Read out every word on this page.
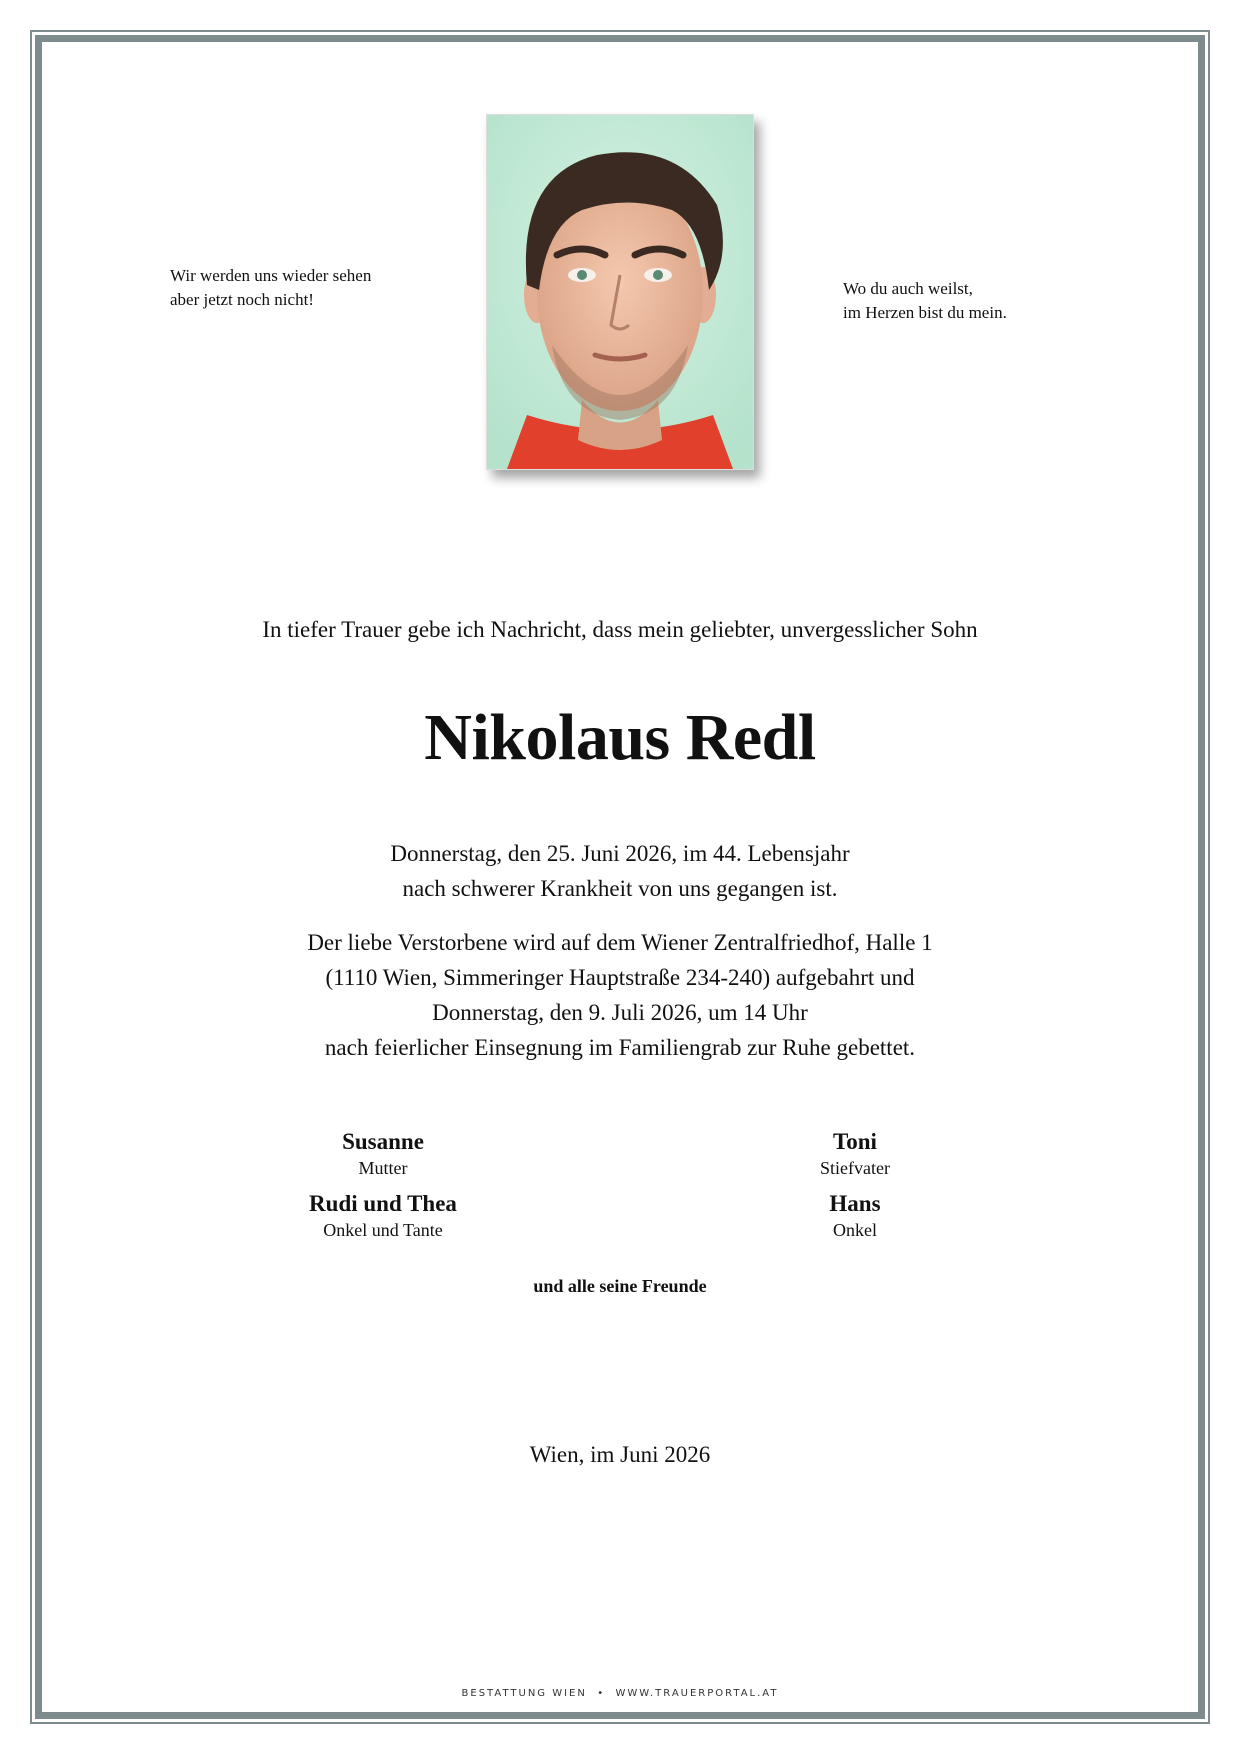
Wir werden uns wieder sehen
aber jetzt noch nicht!
Wo du auch weilst,
im Herzen bist du mein.
In tiefer Trauer gebe ich Nachricht, dass mein geliebter, unvergesslicher Sohn
Nikolaus Redl
Donnerstag, den 25. Juni 2026, im 44. Lebensjahr
nach schwerer Krankheit von uns gegangen ist.
Der liebe Verstorbene wird auf dem Wiener Zentralfriedhof, Halle 1
(1110 Wien, Simmeringer Hauptstraße 234-240) aufgebahrt und
Donnerstag, den 9. Juli 2026, um 14 Uhr
nach feierlicher Einsegnung im Familiengrab zur Ruhe gebettet.
Susanne
Mutter
Toni
Stiefvater
Rudi und Thea
Onkel und Tante
Hans
Onkel
und alle seine Freunde
Wien, im Juni 2026
BESTATTUNG WIEN  •  WWW.TRAUERPORTAL.AT
